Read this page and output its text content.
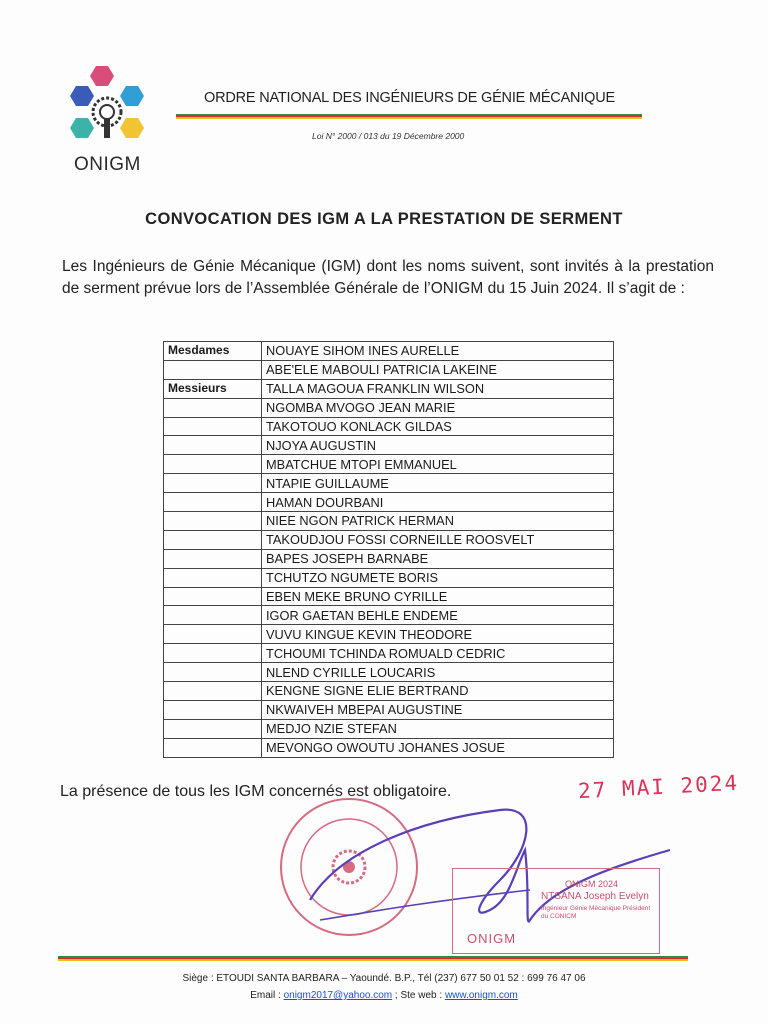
ONIGM
ORDRE NATIONAL DES INGÉNIEURS DE GÉNIE MÉCANIQUE
Loi N° 2000 / 013 du 19 Décembre 2000
CONVOCATION DES IGM A LA PRESTATION DE SERMENT
Les Ingénieurs de Génie Mécanique (IGM) dont les noms suivent, sont invités à la prestation de serment prévue lors de l’Assemblée Générale de l’ONIGM du 15 Juin 2024. Il s’agit de :
Mesdames	NOUAYE SIHOM INES AURELLE
	ABE'ELE MABOULI PATRICIA LAKEINE
Messieurs	TALLA MAGOUA FRANKLIN WILSON
	NGOMBA MVOGO JEAN MARIE
	TAKOTOUO KONLACK GILDAS
	NJOYA AUGUSTIN
	MBATCHUE MTOPI EMMANUEL
	NTAPIE GUILLAUME
	HAMAN DOURBANI
	NIEE NGON PATRICK HERMAN
	TAKOUDJOU FOSSI CORNEILLE ROOSVELT
	BAPES JOSEPH BARNABE
	TCHUTZO NGUMETE BORIS
	EBEN MEKE BRUNO CYRILLE
	IGOR GAETAN BEHLE ENDEME
	VUVU KINGUE KEVIN THEODORE
	TCHOUMI TCHINDA ROMUALD CEDRIC
	NLEND CYRILLE LOUCARIS
	KENGNE SIGNE ELIE BERTRAND
	NKWAIVEH MBEPAI AUGUSTINE
	MEDJO NZIE STEFAN
	MEVONGO OWOUTU JOHANES JOSUE
La présence de tous les IGM concernés est obligatoire.	27 MAI 2024
ONIGM 2024
NTSANA Joseph Evelyn
Ingénieur Génie Mécanique Président du CONICM
ONIGM
Siège : ETOUDI SANTA BARBARA – Yaoundé. B.P., Tél (237) 677 50 01 52 : 699 76 47 06
Email : onigm2017@yahoo.com ; Ste web : www.onigm.com
